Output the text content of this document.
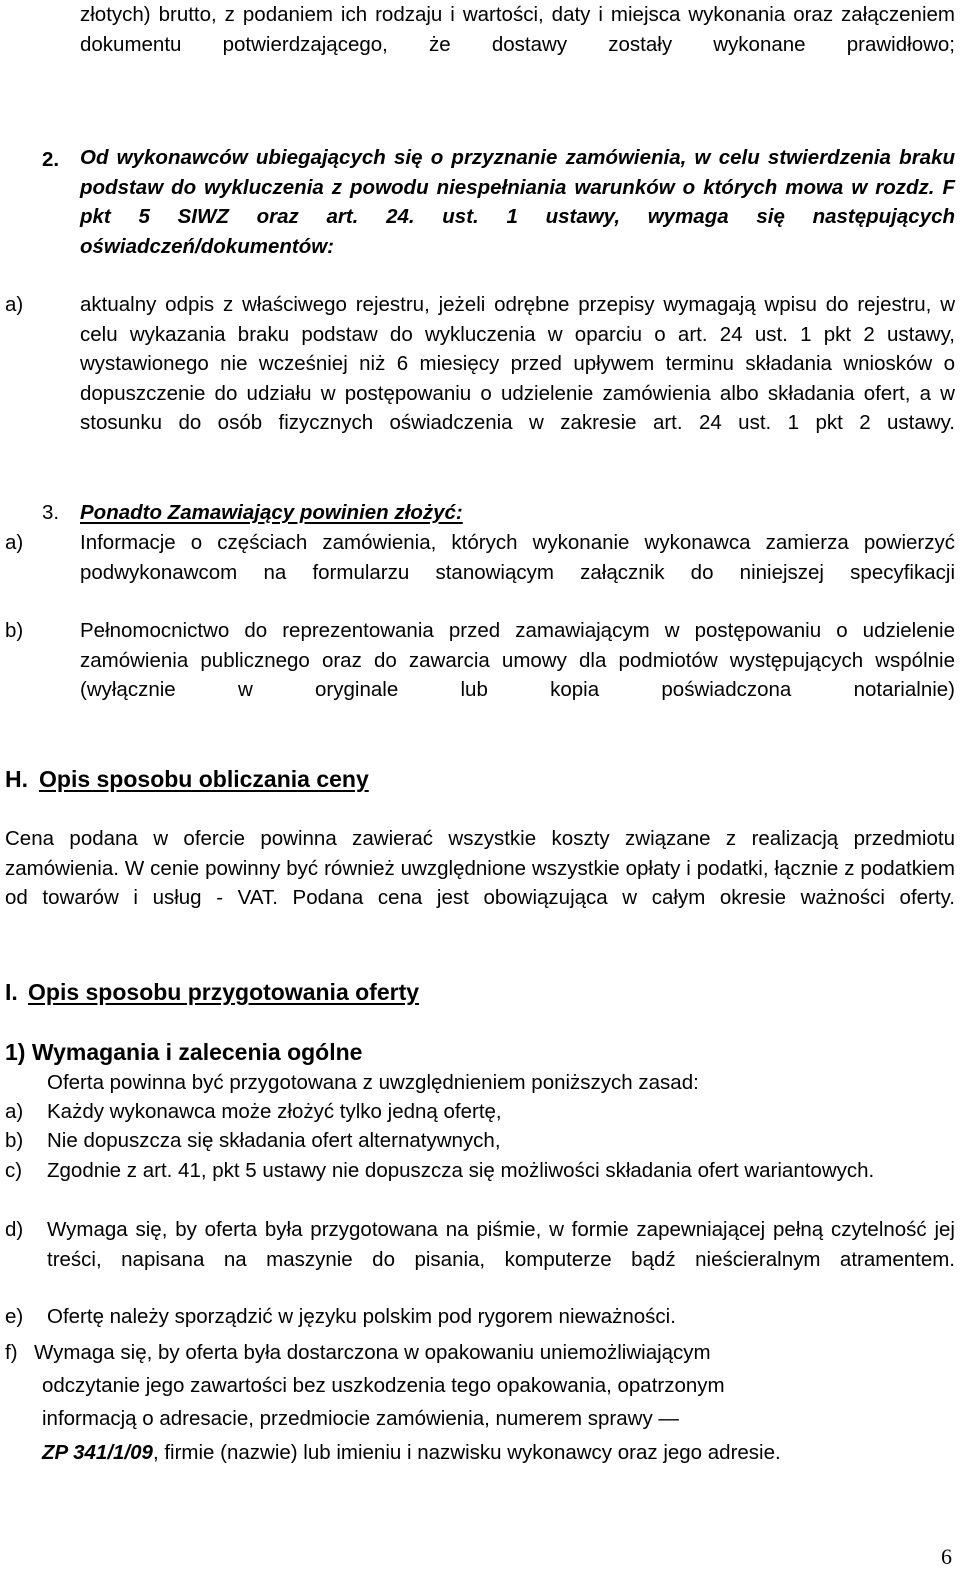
złotych) brutto, z podaniem ich rodzaju i wartości, daty i miejsca wykonania oraz załączeniem dokumentu potwierdzającego, że dostawy zostały wykonane prawidłowo;
2. Od wykonawców ubiegających się o przyznanie zamówienia, w celu stwierdzenia braku podstaw do wykluczenia z powodu niespełniania warunków o których mowa w rozdz. F pkt 5 SIWZ oraz art. 24. ust. 1 ustawy, wymaga się następujących oświadczeń/dokumentów:
a)	aktualny odpis z właściwego rejestru, jeżeli odrębne przepisy wymagają wpisu do rejestru, w celu wykazania braku podstaw do wykluczenia w oparciu o art. 24 ust. 1 pkt 2 ustawy, wystawionego nie wcześniej niż 6 miesięcy przed upływem terminu składania wniosków o dopuszczenie do udziału w postępowaniu o udzielenie zamówienia albo składania ofert, a w stosunku do osób fizycznych oświadczenia w zakresie art. 24 ust. 1 pkt 2 ustawy.
3. Ponadto Zamawiający powinien złożyć:
a)	Informacje o częściach zamówienia, których wykonanie wykonawca zamierza powierzyć podwykonawcom na formularzu stanowiącym załącznik do niniejszej specyfikacji
b)	Pełnomocnictwo do reprezentowania przed zamawiającym w postępowaniu o udzielenie zamówienia publicznego oraz do zawarcia umowy dla podmiotów występujących wspólnie (wyłącznie w oryginale lub kopia poświadczona notarialnie)
H. Opis sposobu obliczania ceny
Cena podana w ofercie powinna zawierać wszystkie koszty związane z realizacją przedmiotu zamówienia. W cenie powinny być również uwzględnione wszystkie opłaty i podatki, łącznie z podatkiem od towarów i usług - VAT. Podana cena jest obowiązująca w całym okresie ważności oferty.
I. Opis sposobu przygotowania oferty
1) Wymagania i zalecenia ogólne
Oferta powinna być przygotowana z uwzględnieniem poniższych zasad:
a) Każdy wykonawca może złożyć tylko jedną ofertę,
b) Nie dopuszcza się składania ofert alternatywnych,
c) Zgodnie z art. 41, pkt 5 ustawy nie dopuszcza się możliwości składania ofert wariantowych.
d) Wymaga się, by oferta była przygotowana na piśmie, w formie zapewniającej pełną czytelność jej treści, napisana na maszynie do pisania, komputerze bądź nieścieralnym atramentem.
e) Ofertę należy sporządzić w języku polskim pod rygorem nieważności.
f) Wymaga się, by oferta była dostarczona w opakowaniu uniemożliwiającym
odczytanie jego zawartości bez uszkodzenia tego opakowania, opatrzonym
informacją o adresacie, przedmiocie zamówienia, numerem sprawy —
ZP 341/1/09, firmie (nazwie) lub imieniu i nazwisku wykonawcy oraz jego adresie.
6
